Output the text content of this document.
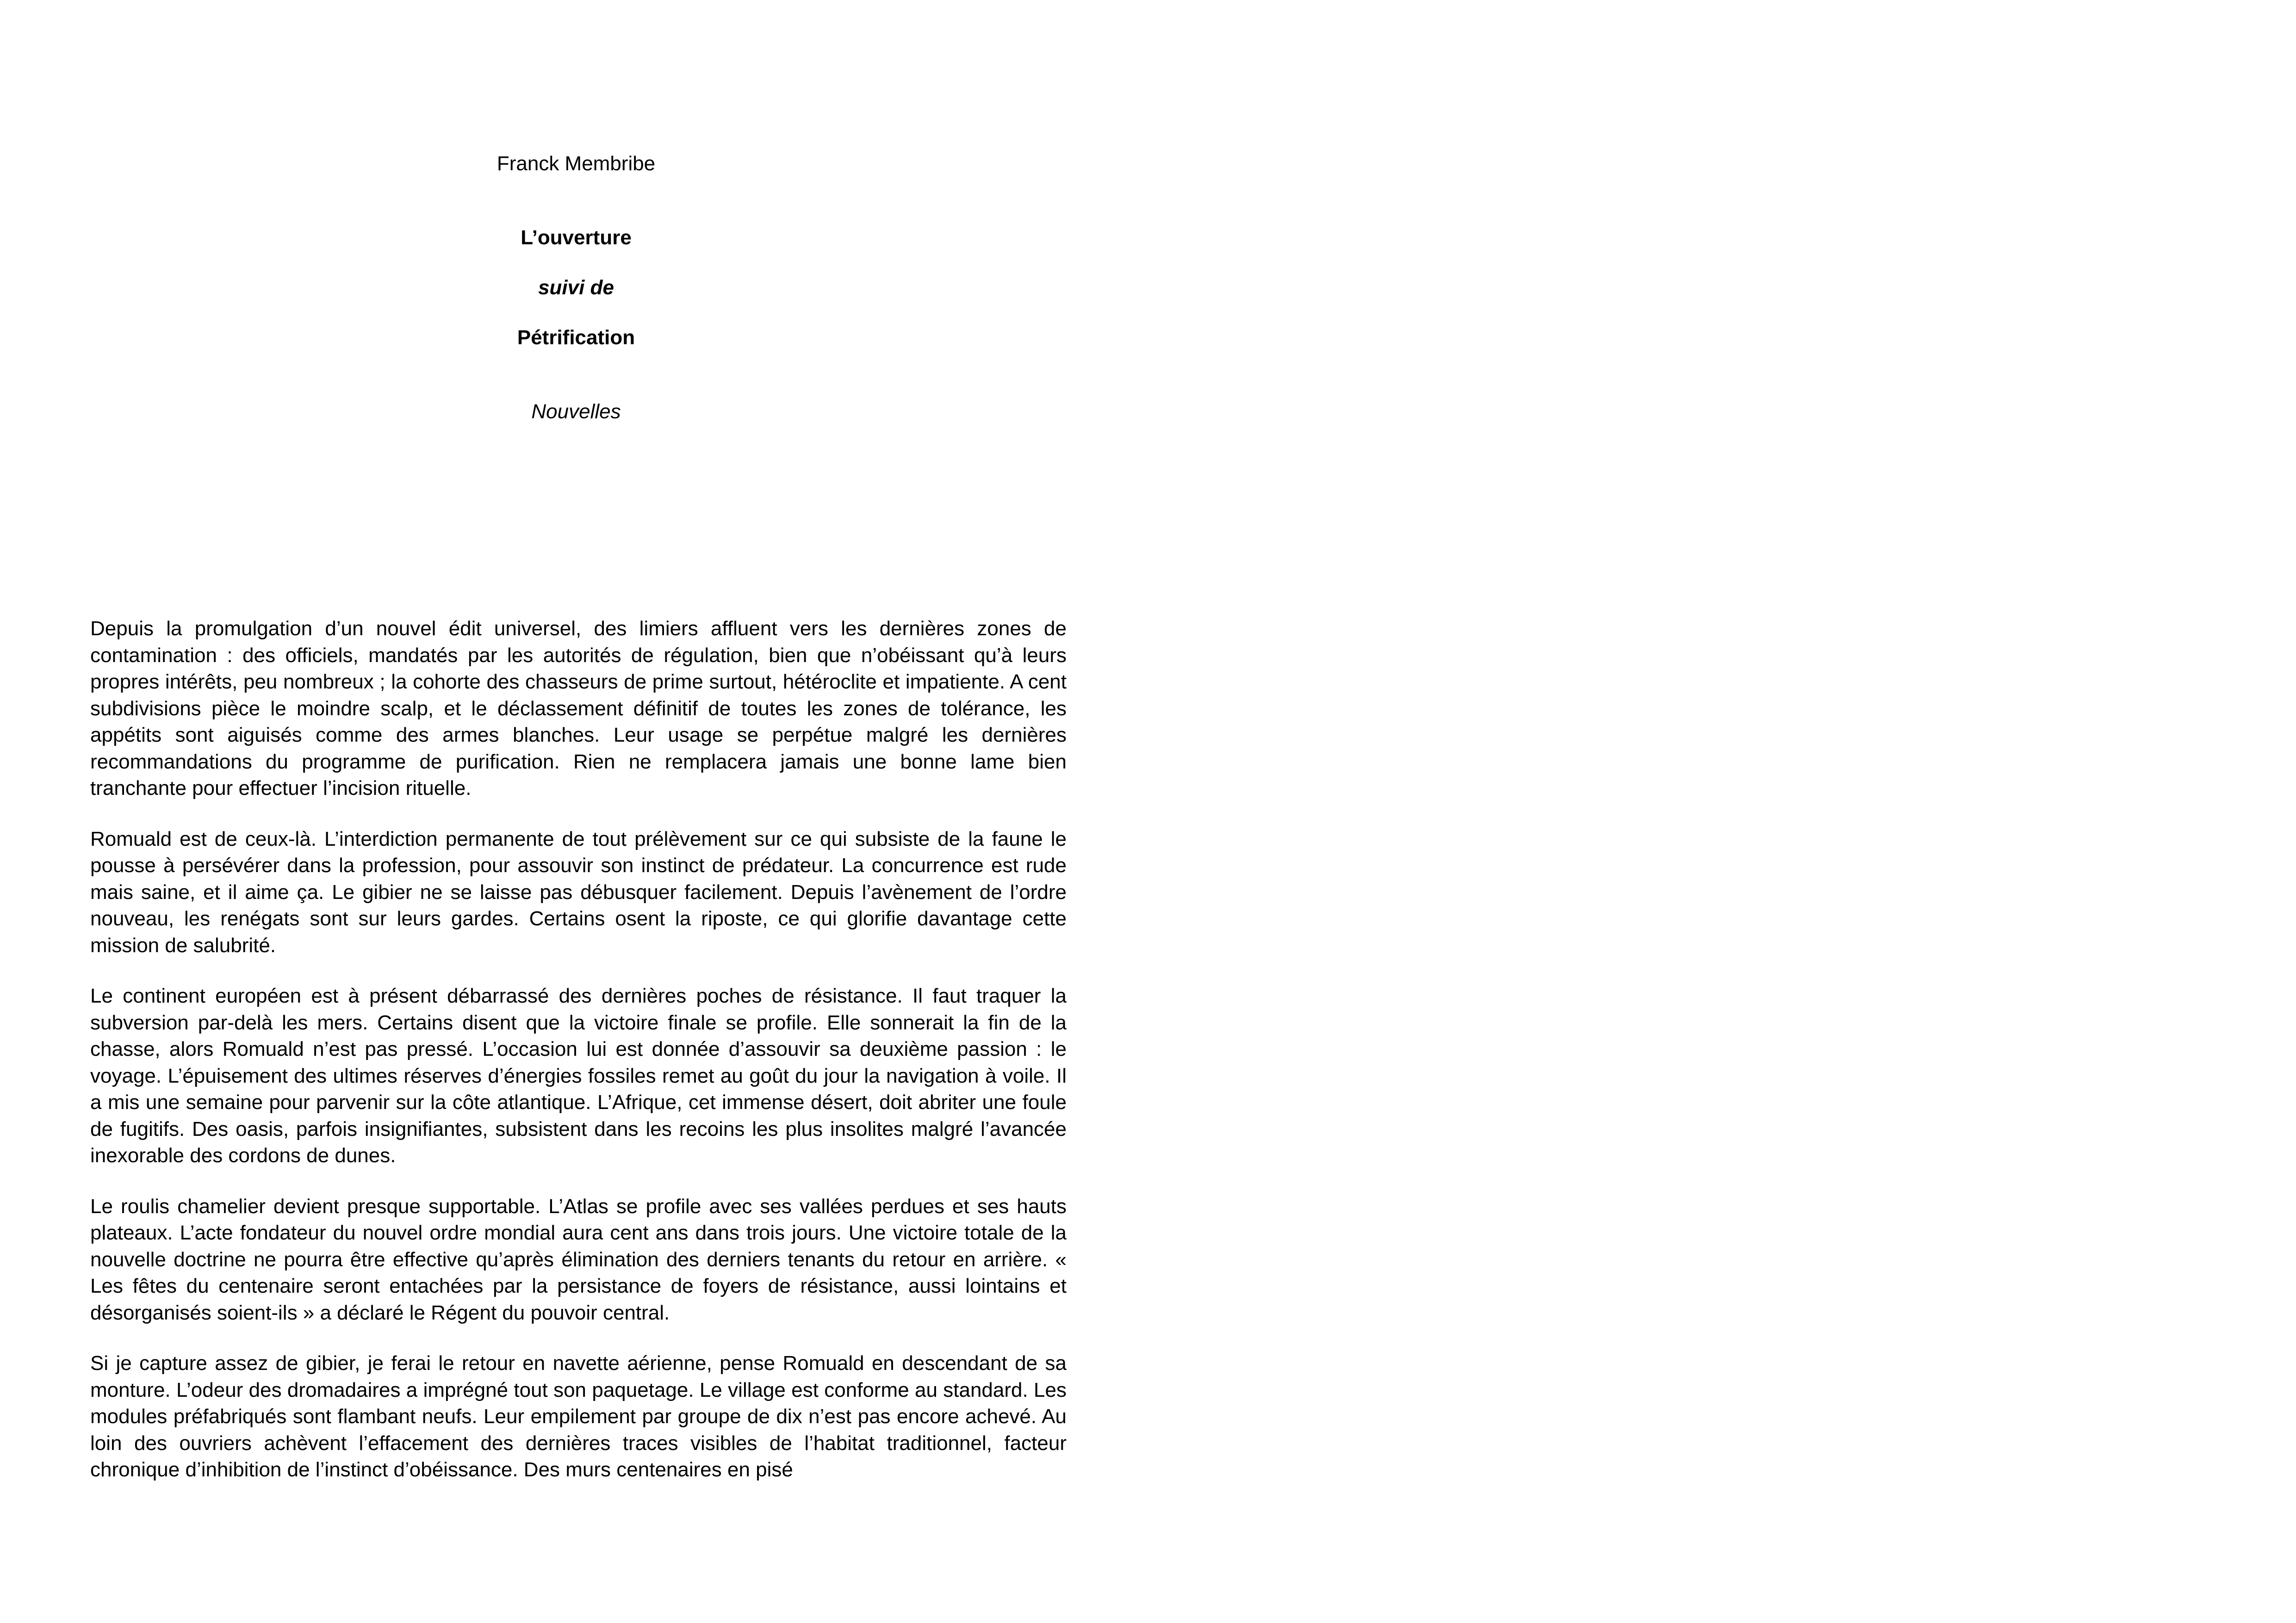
Franck Membribe
L’ouverture
suivi de
Pétrification
Nouvelles

Depuis la promulgation d’un nouvel édit universel, des limiers affluent vers les dernières zones de contamination : des officiels, mandatés par les autorités de régulation, bien que n’obéissant qu’à leurs propres intérêts, peu nombreux ; la cohorte des chasseurs de prime surtout, hétéroclite et impatiente. A cent subdivisions pièce le moindre scalp, et le déclassement définitif de toutes les zones de tolérance, les appétits sont aiguisés comme des armes blanches. Leur usage se perpétue malgré les dernières recommandations du programme de purification. Rien ne remplacera jamais une bonne lame bien tranchante pour effectuer l’incision rituelle.

Romuald est de ceux-là. L’interdiction permanente de tout prélèvement sur ce qui subsiste de la faune le pousse à persévérer dans la profession, pour assouvir son instinct de prédateur. La concurrence est rude mais saine, et il aime ça. Le gibier ne se laisse pas débusquer facilement. Depuis l’avènement de l’ordre nouveau, les renégats sont sur leurs gardes. Certains osent la riposte, ce qui glorifie davantage cette mission de salubrité.

Le continent européen est à présent débarrassé des dernières poches de résistance. Il faut traquer la subversion par-delà les mers. Certains disent que la victoire finale se profile. Elle sonnerait la fin de la chasse, alors Romuald n’est pas pressé. L’occasion lui est donnée d’assouvir sa deuxième passion : le voyage. L’épuisement des ultimes réserves d’énergies fossiles remet au goût du jour la navigation à voile. Il a mis une semaine pour parvenir sur la côte atlantique. L’Afrique, cet immense désert, doit abriter une foule de fugitifs. Des oasis, parfois insignifiantes, subsistent dans les recoins les plus insolites malgré l’avancée inexorable des cordons de dunes.

Le roulis chamelier devient presque supportable. L’Atlas se profile avec ses vallées perdues et ses hauts plateaux. L’acte fondateur du nouvel ordre mondial aura cent ans dans trois jours. Une victoire totale de la nouvelle doctrine ne pourra être effective qu’après élimination des derniers tenants du retour en arrière. « Les fêtes du centenaire seront entachées par la persistance de foyers de résistance, aussi lointains et désorganisés soient-ils » a déclaré le Régent du pouvoir central.

Si je capture assez de gibier, je ferai le retour en navette aérienne, pense Romuald en descendant de sa monture. L’odeur des dromadaires a imprégné tout son paquetage. Le village est conforme au standard. Les modules préfabriqués sont flambant neufs. Leur empilement par groupe de dix n’est pas encore achevé. Au loin des ouvriers achèvent l’effacement des dernières traces visibles de l’habitat traditionnel, facteur chronique d’inhibition de l’instinct d’obéissance. Des murs centenaires en pisé
